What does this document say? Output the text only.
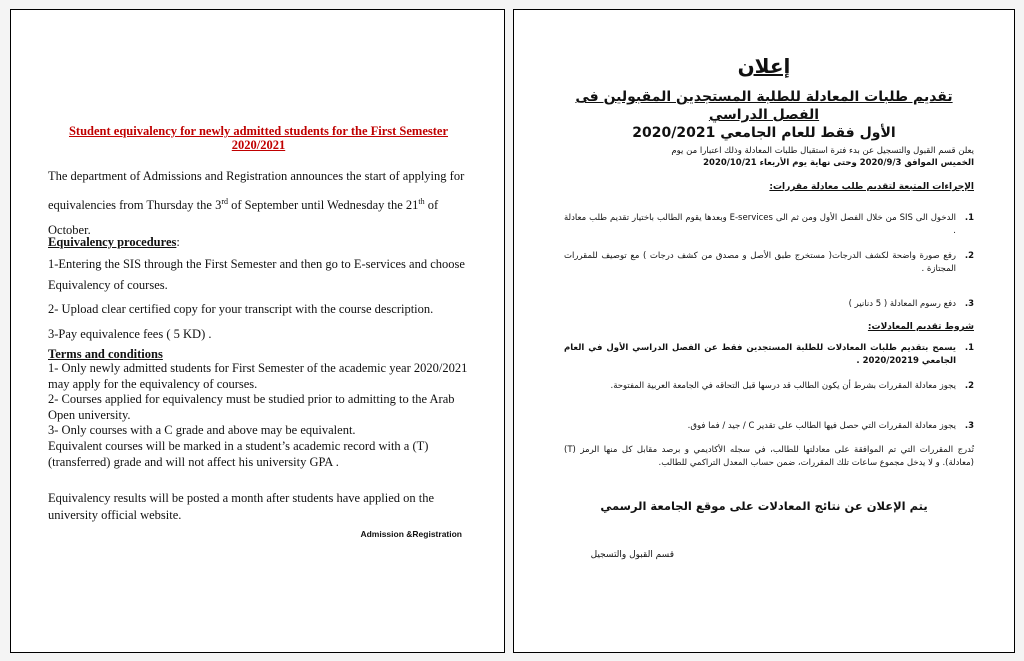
Student equivalency for newly admitted students for the First Semester 2020/2021
The department of Admissions and Registration announces the start of applying for equivalencies from Thursday the 3rd of September until Wednesday the 21th of October.
Equivalency procedures:

1-Entering the SIS through the First Semester and then go to E-services and choose Equivalency of courses.

2- Upload clear certified copy for your transcript with the course description.

3-Pay equivalence fees ( 5 KD) .

Terms and conditions

1- Only newly admitted students for First Semester of the academic year 2020/2021 may apply for the equivalency of courses.

2- Courses applied for equivalency must be studied prior to admitting to the Arab Open university.

3- Only courses with a C grade and above may be equivalent.

Equivalent courses will be marked in a student’s academic record with a (T) (transferred) grade and will not affect his university GPA .

Equivalency results will be posted a month after students have applied on the university official website.

Admission &Registration
إعلان
تقديم طلبات المعادلة للطلبة المستجدين المقبولين فى الفصل الدراسي
الأول فقط للعام الجامعي 2020/2021
يعلن قسم القبول والتسجيل عن بدء فترة استقبال طلبات المعادلة وذلك اعتبارا من يوم
الخميس الموافق 2020/9/3 وحتى نهاية يوم الأربعاء 2020/10/21
الإجراءات المتبعة لتقديم طلب معادلة مقررات:
1.
الدخول الى SIS من خلال الفصل الأول ومن ثم الى E-services وبعدها يقوم الطالب باختيار تقديم طلب معادلة .
2.
رفع صورة واضحة لكشف الدرجات( مستخرج طبق الأصل و مصدق من كشف درجات ) مع توصيف للمقررات المجتازة .
3.
دفع رسوم المعادلة ( 5 دنانير )
شروط تقديم المعادلات:
1.
يسمح بتقديم طلبات المعادلات للطلبة المستجدين فقط عن الفصل الدراسي الأول في العام الجامعي 2020/20219 .
2.
يجوز معادلة المقررات بشرط أن يكون الطالب قد درسها قبل التحاقه في الجامعة العربية المفتوحة.
3.
يجوز معادلة المقررات التي حصل فيها الطالب على تقدير C / جيد / فما فوق.
تُدرج المقررات التي تم الموافقة على معادلتها للطالب، في سجله الأكاديمي و برصد مقابل كل منها الرمز (T) (معادلة). و لا يدخل مجموع ساعات تلك المقررات، ضمن حساب المعدل التراكمي للطالب.
يتم الإعلان عن نتائج المعادلات على موقع الجامعة الرسمي
قسم القبول والتسجيل
